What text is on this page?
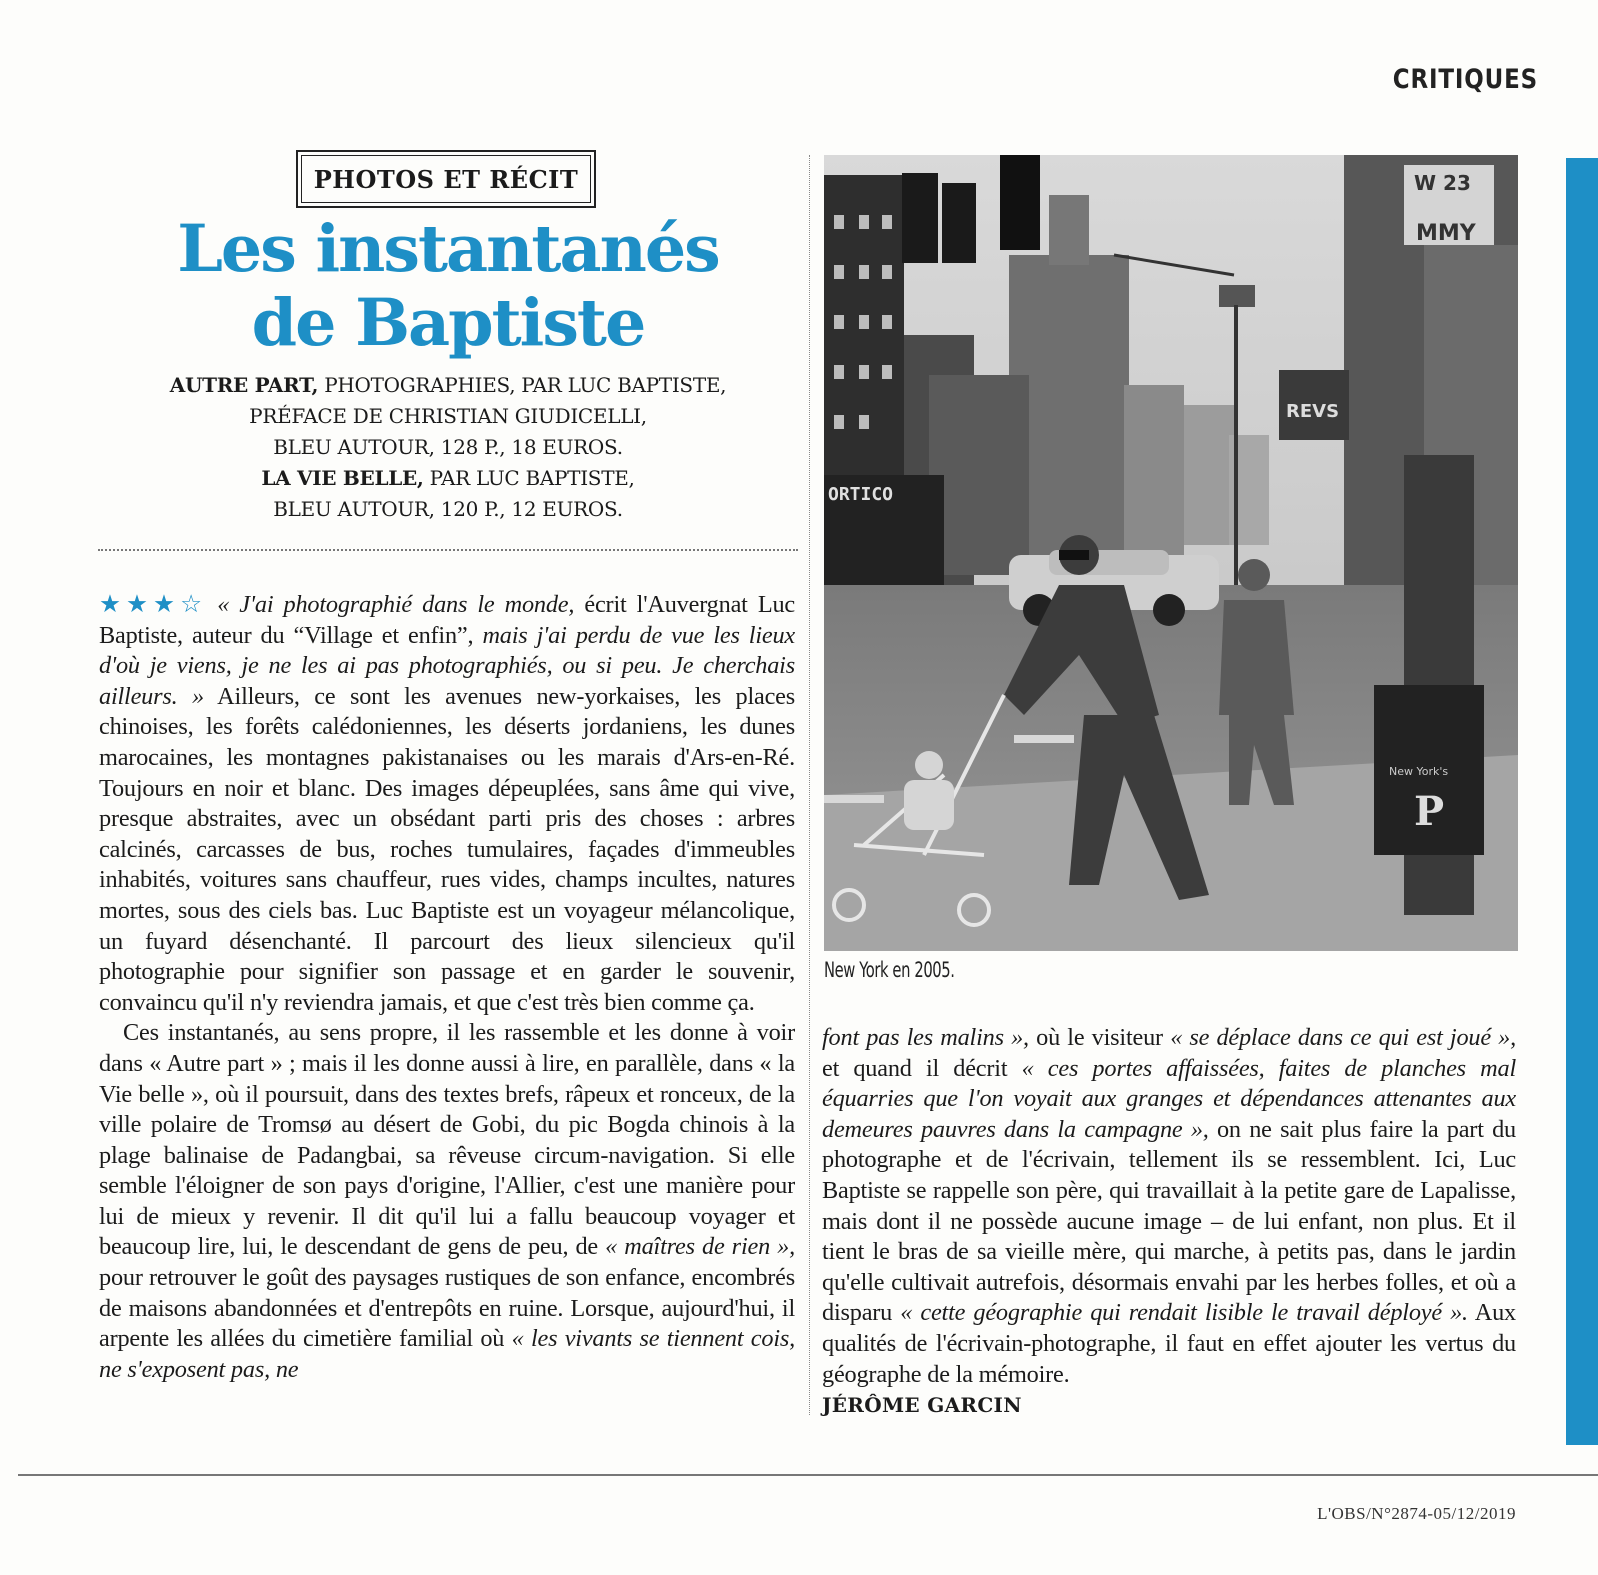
CRITIQUES
PHOTOS ET RÉCIT
Les instantanés
de Baptiste
AUTRE PART, PHOTOGRAPHIES, PAR LUC BAPTISTE,
PRÉFACE DE CHRISTIAN GIUDICELLI,
BLEU AUTOUR, 128 P., 18 EUROS.
LA VIE BELLE, PAR LUC BAPTISTE,
BLEU AUTOUR, 120 P., 12 EUROS.

★★★☆ « J'ai photographié dans le monde, écrit l'Auvergnat Luc Baptiste, auteur du “Village et enfin”, mais j'ai perdu de vue les lieux d'où je viens, je ne les ai pas photographiés, ou si peu. Je cherchais ailleurs. » Ailleurs, ce sont les avenues new-yorkaises, les places chinoises, les forêts calédoniennes, les déserts jordaniens, les dunes marocaines, les montagnes pakistanaises ou les marais d'Ars-en-Ré. Toujours en noir et blanc. Des images dépeuplées, sans âme qui vive, presque abstraites, avec un obsédant parti pris des choses : arbres calcinés, carcasses de bus, roches tumulaires, façades d'immeubles inhabités, voitures sans chauffeur, rues vides, champs incultes, natures mortes, sous des ciels bas. Luc Baptiste est un voyageur mélancolique, un fuyard désenchanté. Il parcourt des lieux silencieux qu'il photographie pour signifier son passage et en garder le souvenir, convaincu qu'il n'y reviendra jamais, et que c'est très bien comme ça.

Ces instantanés, au sens propre, il les rassemble et les donne à voir dans « Autre part » ; mais il les donne aussi à lire, en parallèle, dans « la Vie belle », où il poursuit, dans des textes brefs, râpeux et ronceux, de la ville polaire de Tromsø au désert de Gobi, du pic Bogda chinois à la plage balinaise de Padangbai, sa rêveuse circum-navigation. Si elle semble l'éloigner de son pays d'origine, l'Allier, c'est une manière pour lui de mieux y revenir. Il dit qu'il lui a fallu beaucoup voyager et beaucoup lire, lui, le descendant de gens de peu, de « maîtres de rien », pour retrouver le goût des paysages rustiques de son enfance, encombrés de maisons abandonnées et d'entrepôts en ruine. Lorsque, aujourd'hui, il arpente les allées du cimetière familial où « les vivants se tiennent cois, ne s'exposent pas, ne

W 23
MMY
REVS
ORTICO
New York's
P
New York en 2005.

font pas les malins », où le visiteur « se déplace dans ce qui est joué », et quand il décrit « ces portes affaissées, faites de planches mal équarries que l'on voyait aux granges et dépendances attenantes aux demeures pauvres dans la campagne », on ne sait plus faire la part du photographe et de l'écrivain, tellement ils se ressemblent. Ici, Luc Baptiste se rappelle son père, qui travaillait à la petite gare de Lapalisse, mais dont il ne possède aucune image – de lui enfant, non plus. Et il tient le bras de sa vieille mère, qui marche, à petits pas, dans le jardin qu'elle cultivait autrefois, désormais envahi par les herbes folles, et où a disparu « cette géographie qui rendait lisible le travail déployé ». Aux qualités de l'écrivain-photographe, il faut en effet ajouter les vertus du géographe de la mémoire.

JÉRÔME GARCIN

L'OBS/N°2874-05/12/2019
